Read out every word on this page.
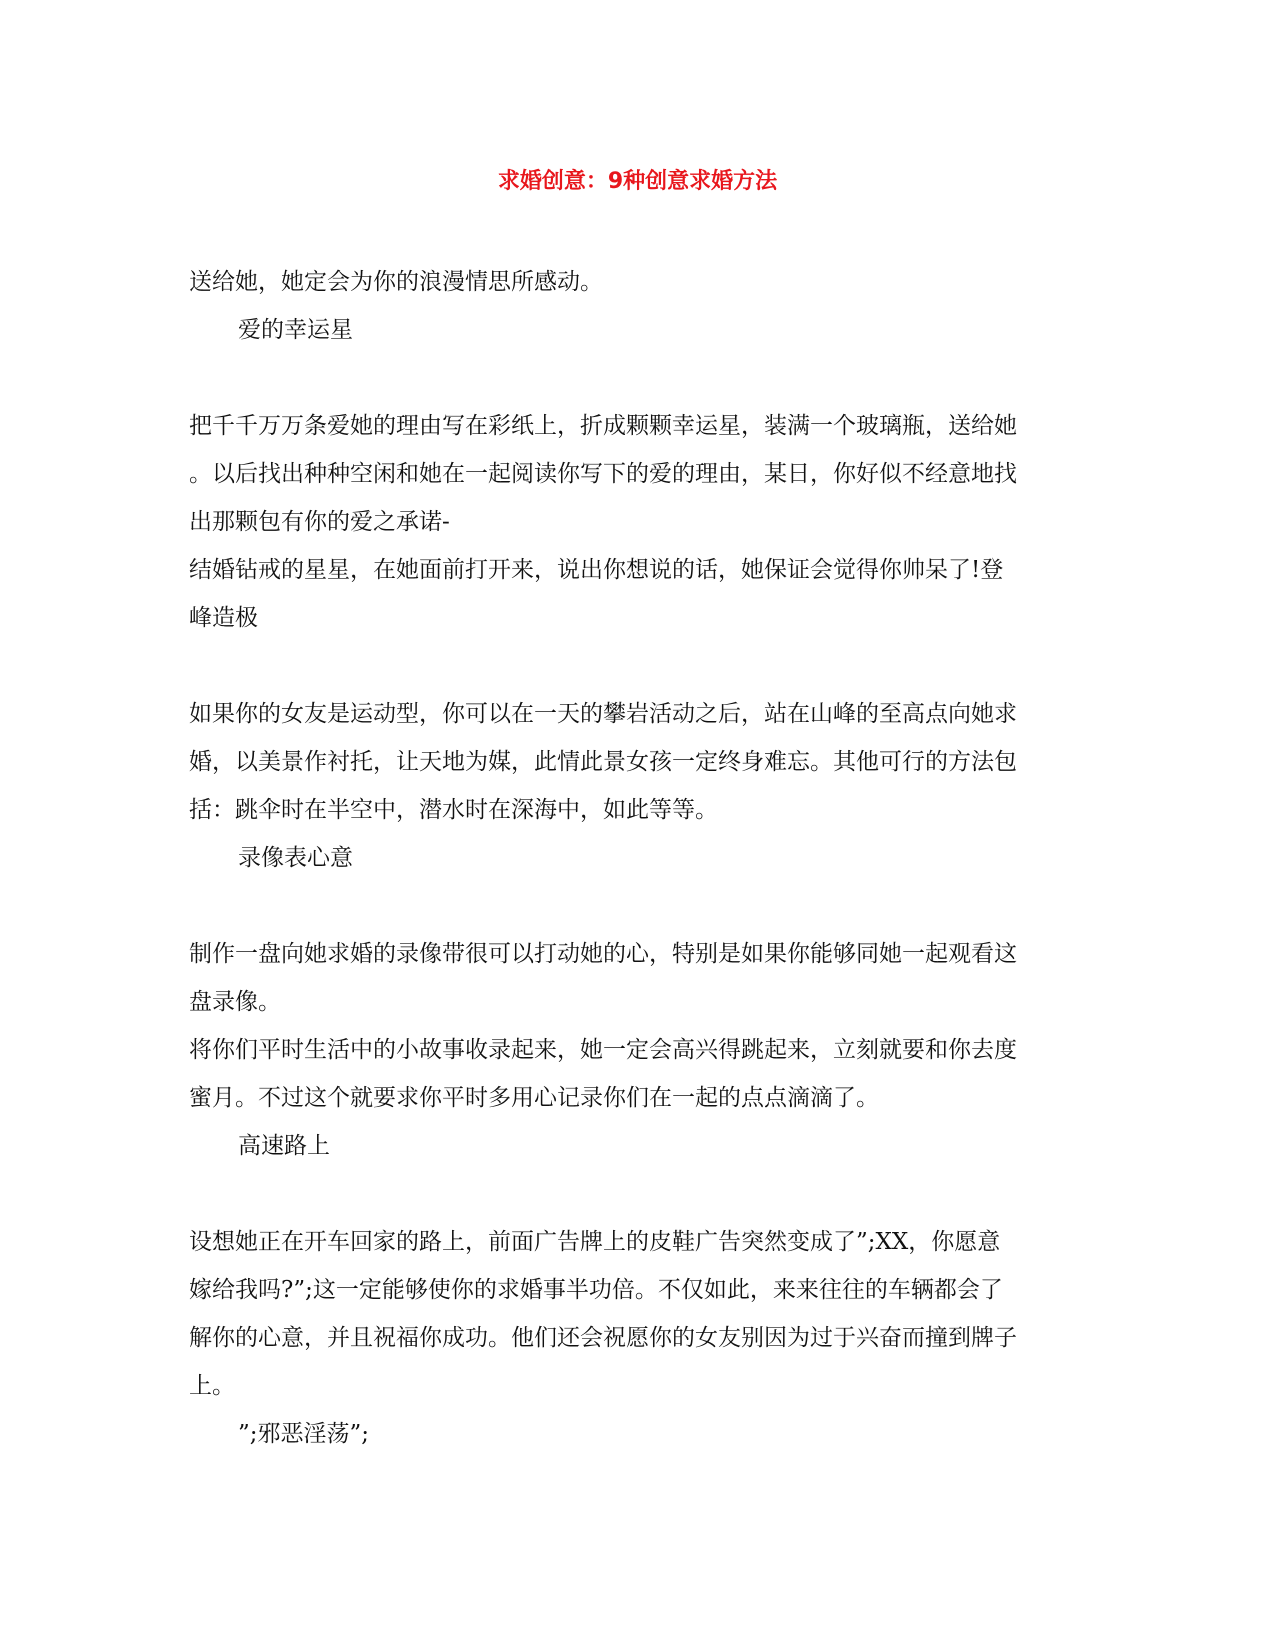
求婚创意：9种创意求婚方法
送给她，她定会为你的浪漫情思所感动。
爱的幸运星
把千千万万条爱她的理由写在彩纸上，折成颗颗幸运星，装满一个玻璃瓶，送给她
。以后找出种种空闲和她在一起阅读你写下的爱的理由，某日，你好似不经意地找
出那颗包有你的爱之承诺-
结婚钻戒的星星，在她面前打开来，说出你想说的话，她保证会觉得你帅呆了!登
峰造极
如果你的女友是运动型，你可以在一天的攀岩活动之后，站在山峰的至高点向她求
婚，以美景作衬托，让天地为媒，此情此景女孩一定终身难忘。其他可行的方法包
括：跳伞时在半空中，潜水时在深海中，如此等等。
录像表心意
制作一盘向她求婚的录像带很可以打动她的心，特别是如果你能够同她一起观看这
盘录像。
将你们平时生活中的小故事收录起来，她一定会高兴得跳起来，立刻就要和你去度
蜜月。不过这个就要求你平时多用心记录你们在一起的点点滴滴了。
高速路上
设想她正在开车回家的路上，前面广告牌上的皮鞋广告突然变成了”;XX，你愿意
嫁给我吗?”;这一定能够使你的求婚事半功倍。不仅如此，来来往往的车辆都会了
解你的心意，并且祝福你成功。他们还会祝愿你的女友别因为过于兴奋而撞到牌子
上。
”;邪恶淫荡”;
